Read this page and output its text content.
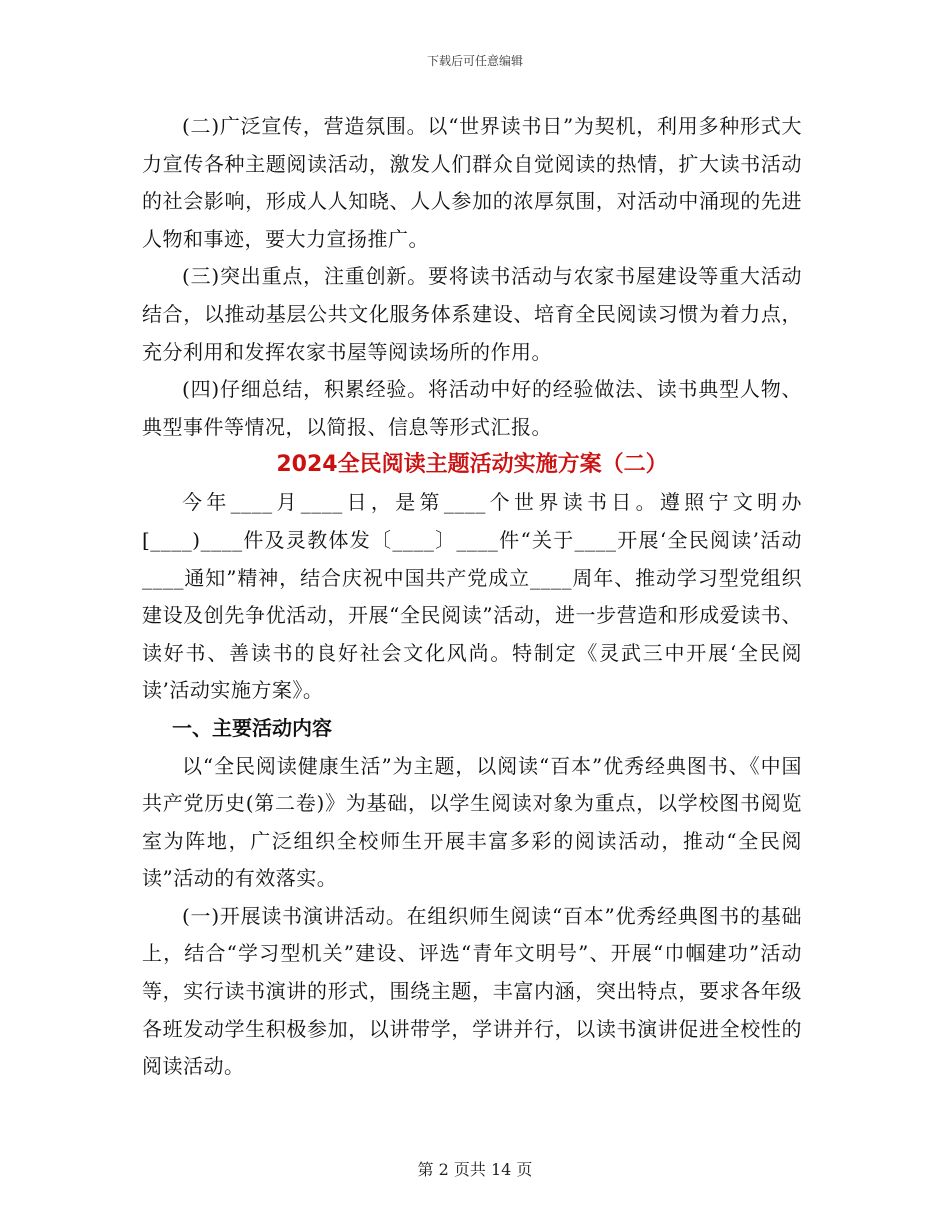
下载后可任意编辑

(二)广泛宣传，营造氛围。以“世界读书日”为契机，利用多种形式大力宣传各种主题阅读活动，激发人们群众自觉阅读的热情，扩大读书活动的社会影响，形成人人知晓、人人参加的浓厚氛围，对活动中涌现的先进人物和事迹，要大力宣扬推广。

(三)突出重点，注重创新。要将读书活动与农家书屋建设等重大活动结合，以推动基层公共文化服务体系建设、培育全民阅读习惯为着力点，充分利用和发挥农家书屋等阅读场所的作用。

(四)仔细总结，积累经验。将活动中好的经验做法、读书典型人物、典型事件等情况，以简报、信息等形式汇报。

2024全民阅读主题活动实施方案（二）

今年____月____日，是第____个世界读书日。遵照宁文明办[____)____件及灵教体发〔____〕____件“关于____开展‘全民阅读’活动____通知”精神，结合庆祝中国共产党成立____周年、推动学习型党组织建设及创先争优活动，开展“全民阅读”活动，进一步营造和形成爱读书、读好书、善读书的良好社会文化风尚。特制定《灵武三中开展‘全民阅读’活动实施方案》。

一、主要活动内容

以“全民阅读健康生活”为主题，以阅读“百本”优秀经典图书、《中国共产党历史(第二卷)》为基础，以学生阅读对象为重点，以学校图书阅览室为阵地，广泛组织全校师生开展丰富多彩的阅读活动，推动“全民阅读”活动的有效落实。

(一)开展读书演讲活动。在组织师生阅读“百本”优秀经典图书的基础上，结合“学习型机关”建设、评选“青年文明号”、开展“巾帼建功”活动等，实行读书演讲的形式，围绕主题，丰富内涵，突出特点，要求各年级各班发动学生积极参加，以讲带学，学讲并行，以读书演讲促进全校性的阅读活动。

第 2 页共 14 页
